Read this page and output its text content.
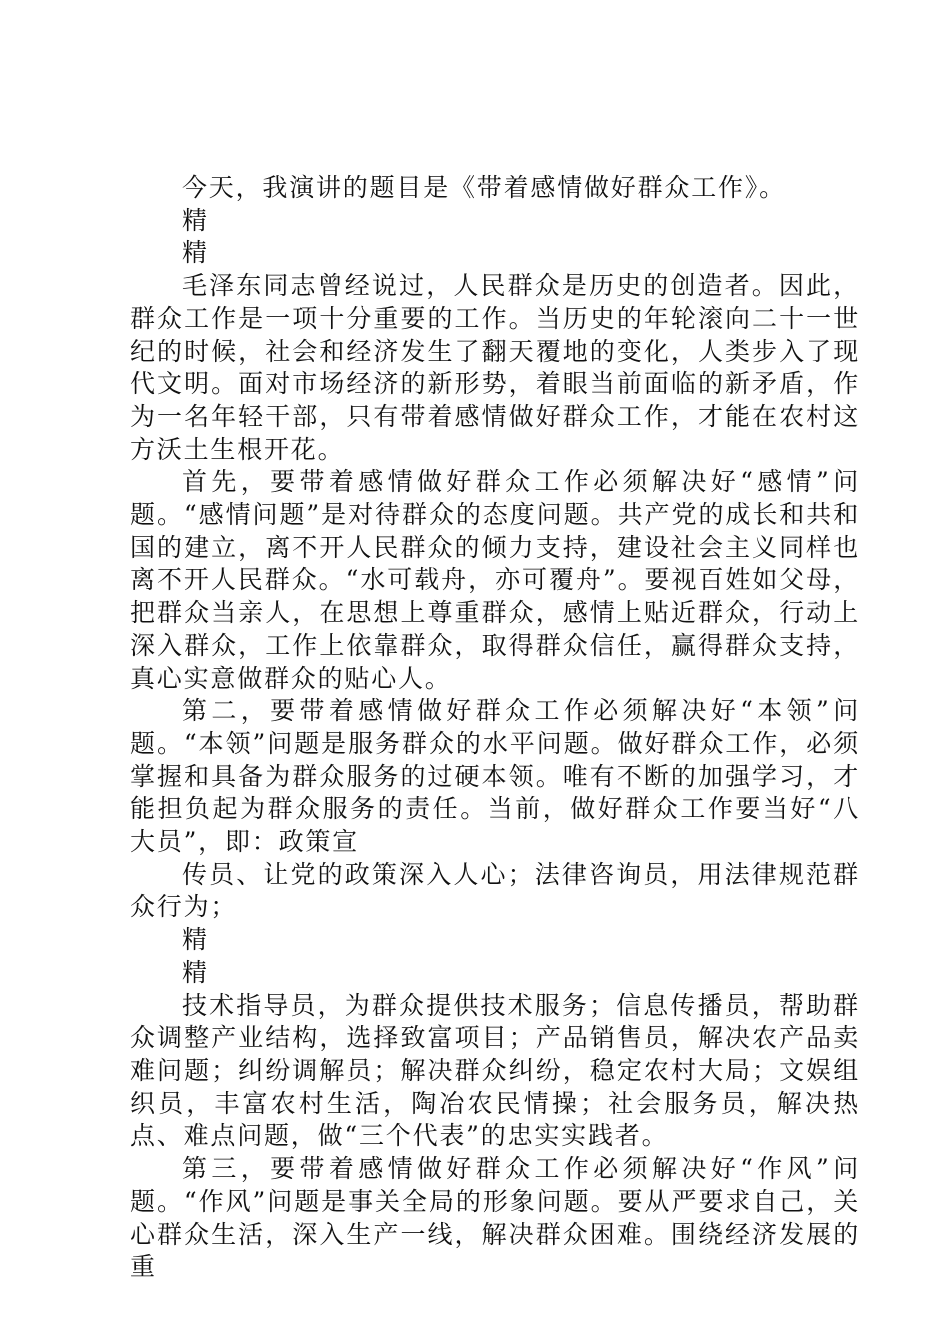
今天，我演讲的题目是《带着感情做好群众工作》。

精

精

毛泽东同志曾经说过，人民群众是历史的创造者。因此，群众工作是一项十分重要的工作。当历史的年轮滚向二十一世纪的时候，社会和经济发生了翻天覆地的变化，人类步入了现代文明。面对市场经济的新形势，着眼当前面临的新矛盾，作为一名年轻干部，只有带着感情做好群众工作，才能在农村这方沃土生根开花。

首先，要带着感情做好群众工作必须解决好“感情”问题。“感情问题”是对待群众的态度问题。共产党的成长和共和国的建立，离不开人民群众的倾力支持，建设社会主义同样也离不开人民群众。“水可载舟，亦可覆舟”。要视百姓如父母，把群众当亲人，在思想上尊重群众，感情上贴近群众，行动上深入群众，工作上依靠群众，取得群众信任，赢得群众支持，真心实意做群众的贴心人。

第二，要带着感情做好群众工作必须解决好“本领”问题。“本领”问题是服务群众的水平问题。做好群众工作，必须掌握和具备为群众服务的过硬本领。唯有不断的加强学习，才能担负起为群众服务的责任。当前，做好群众工作要当好“八大员”，即：政策宣

传员、让党的政策深入人心；法律咨询员，用法律规范群众行为；

精

精

技术指导员，为群众提供技术服务；信息传播员，帮助群众调整产业结构，选择致富项目；产品销售员，解决农产品卖难问题；纠纷调解员；解决群众纠纷，稳定农村大局；文娱组织员，丰富农村生活，陶冶农民情操；社会服务员，解决热点、难点问题，做“三个代表”的忠实实践者。

第三，要带着感情做好群众工作必须解决好“作风”问题。“作风”问题是事关全局的形象问题。要从严要求自己，关心群众生活，深入生产一线，解决群众困难。围绕经济发展的重
